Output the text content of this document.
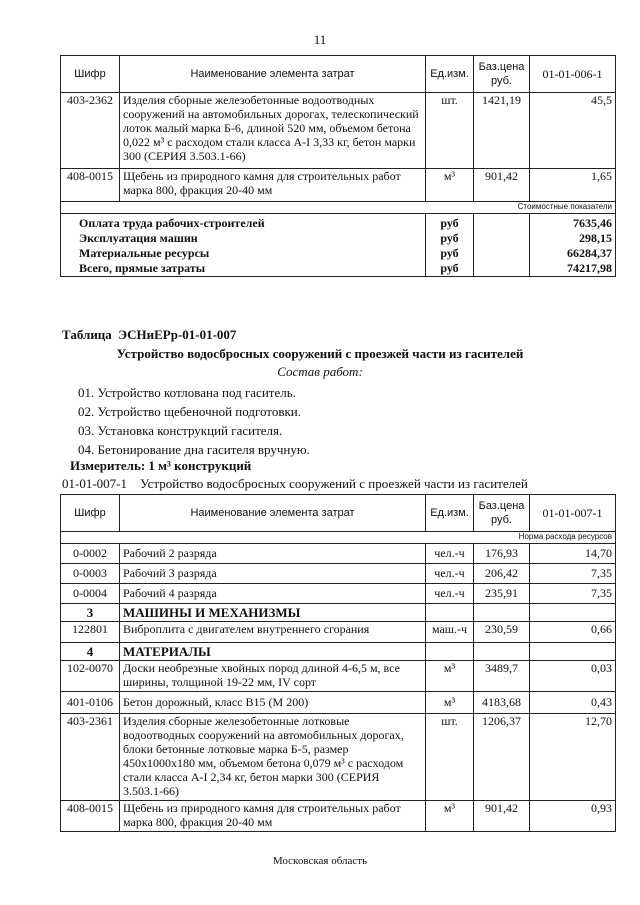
11
Шифр	Наименование элемента затрат	Ед.изм.	Баз.цена руб.	01-01-006-1
403-2362	Изделия сборные железобетонные водоотводных сооружений на автомобильных дорогах, телескопический лоток малый марка Б-6, длиной 520 мм, объемом бетона 0,022 м³ с расходом стали класса А-I 3,33 кг, бетон марки 300 (СЕРИЯ 3.503.1-66)	шт.	1421,19	45,5
408-0015	Щебень из природного камня для строительных работ марка 800, фракция 20-40 мм	м³	901,42	1,65
Стоимостные показатели				
Оплата труда рабочих-строителей		руб		7635,46
Эксплуатация машин		руб		298,15
Материальные ресурсы		руб		66284,37
Всего, прямые затраты		руб		74217,98
Таблица  ЭСНиЕРр-01-01-007
Устройство водосбросных сооружений с проезжей части из гасителей
Состав работ:
01. Устройство котлована под гаситель.
02. Устройство щебеночной подготовки.
03. Установка конструкций гасителя.
04. Бетонирование дна гасителя вручную.
Измеритель: 1 м³ конструкций
01-01-007-1    Устройство водосбросных сооружений с проезжей части из гасителей
Шифр	Наименование элемента затрат	Ед.изм.	Баз.цена руб.	01-01-007-1
Норма расхода ресурсов				
0-0002	Рабочий 2 разряда	чел.-ч	176,93	14,70
0-0003	Рабочий 3 разряда	чел.-ч	206,42	7,35
0-0004	Рабочий 4 разряда	чел.-ч	235,91	7,35
3	МАШИНЫ И МЕХАНИЗМЫ			
122801	Виброплита с двигателем внутреннего сгорания	маш.-ч	230,59	0,66
4	МАТЕРИАЛЫ			
102-0070	Доски необрезные хвойных пород длиной 4-6,5 м, все ширины, толщиной 19-22 мм, IV сорт	м³	3489,7	0,03
401-0106	Бетон дорожный, класс B15 (М 200)	м³	4183,68	0,43
403-2361	Изделия сборные железобетонные лотковые водоотводных сооружений на автомобильных дорогах, блоки бетонные лотковые марка Б-5, размер 450х1000х180 мм, объемом бетона 0,079 м³ с расходом стали класса А-I 2,34 кг, бетон марки 300 (СЕРИЯ 3.503.1-66)	шт.	1206,37	12,70
408-0015	Щебень из природного камня для строительных работ марка 800, фракция 20-40 мм	м³	901,42	0,93
Московская область
